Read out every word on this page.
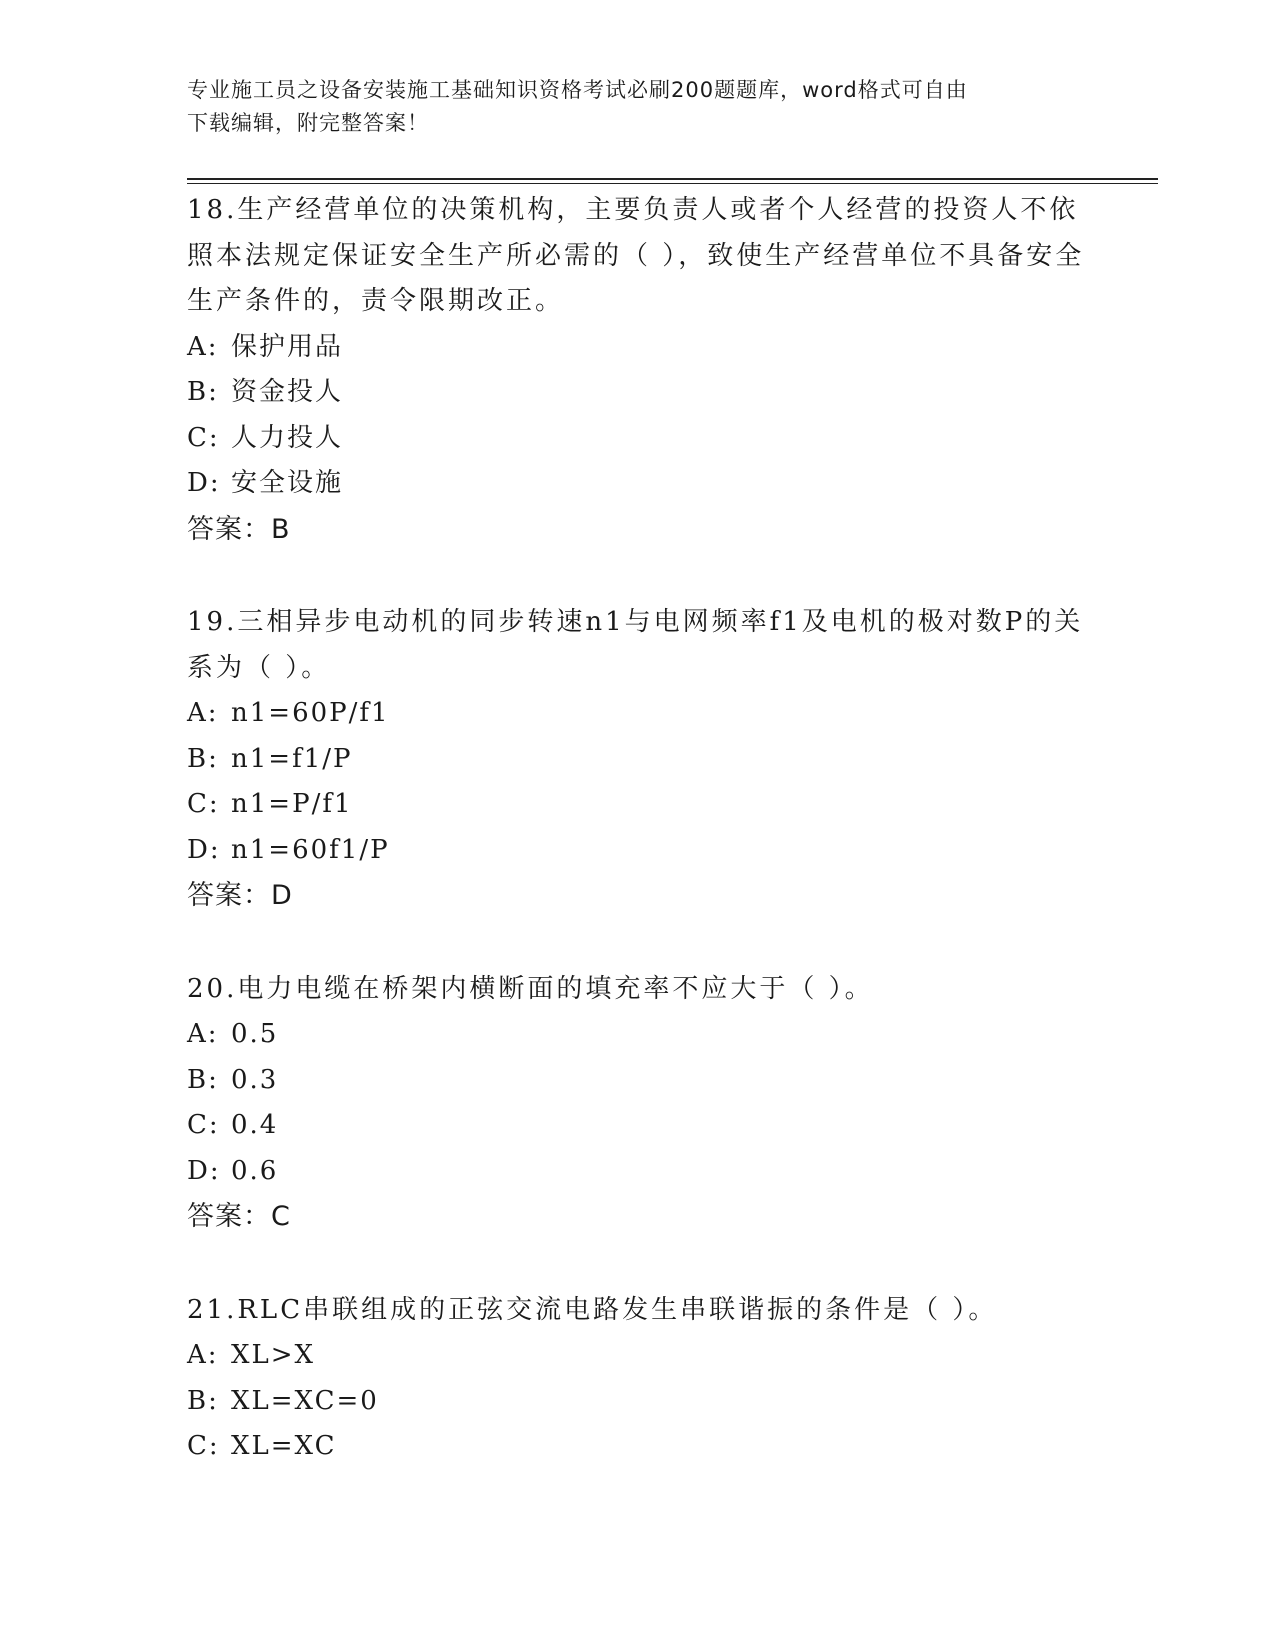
专业施工员之设备安装施工基础知识资格考试必刷200题题库，word格式可自由
下载编辑，附完整答案！
18.生产经营单位的决策机构，主要负责人或者个人经营的投资人不依照本法规定保证安全生产所必需的（ ），致使生产经营单位不具备安全生产条件的，责令限期改正。
A: 保护用品
B: 资金投人
C: 人力投人
D: 安全设施
答案： B
19.三相异步电动机的同步转速n1与电网频率f1及电机的极对数P的关系为（ ）。
A: n1=60P/f1
B: n1=f1/P
C: n1=P/f1
D: n1=60f1/P
答案： D
20.电力电缆在桥架内横断面的填充率不应大于（ ）。
A: 0.5
B: 0.3
C: 0.4
D: 0.6
答案： C
21.RLC串联组成的正弦交流电路发生串联谐振的条件是（ ）。
A: XL>X
B: XL=XC=0
C: XL=XC
